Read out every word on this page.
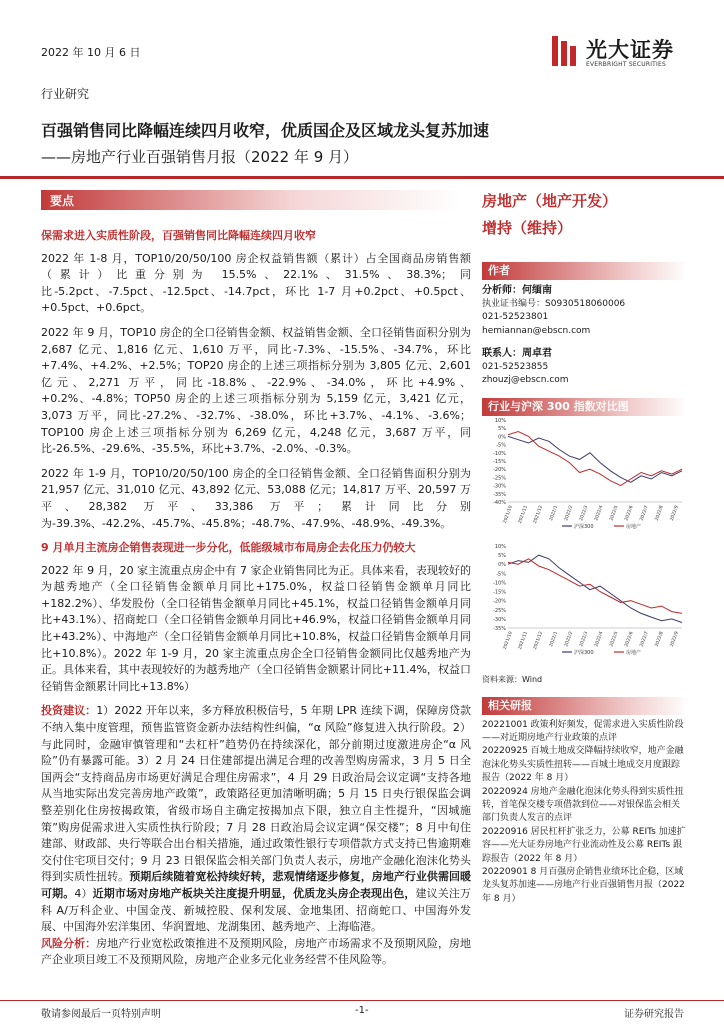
2022 年 10 月 6 日	光大证券
EVERBRIGHT SECURITIES
行业研究
百强销售同比降幅连续四月收窄，优质国企及区域龙头复苏加速
——房地产行业百强销售月报（2022 年 9 月）
要点
保需求进入实质性阶段，百强销售同比降幅连续四月收窄

2022 年 1-8 月，TOP10/20/50/100 房企权益销售额（累计）占全国商品房销售额（累计）比重分别为 15.5%、22.1%、31.5%、38.3%；同比-5.2pct、-7.5pct、-12.5pct、-14.7pct，环比 1-7 月+0.2pct、+0.5pct、+0.5pct、+0.6pct。

2022 年 9 月，TOP10 房企的全口径销售金额、权益销售金额、全口径销售面积分别为 2,687 亿元、1,816 亿元、1,610 万平，同比-7.3%、-15.5%、-34.7%，环比+7.4%、+4.2%、+2.5%；TOP20 房企的上述三项指标分别为 3,805 亿元、2,601 亿元、2,271 万平，同比-18.8%、-22.9%、-34.0%，环比+4.9%、+0.2%、-4.8%；TOP50 房企的上述三项指标分别为 5,159 亿元，3,421 亿元，3,073 万平，同比-27.2%、-32.7%、-38.0%，环比+3.7%、-4.1%、-3.6%；TOP100 房企上述三项指标分别为 6,269 亿元，4,248 亿元，3,687 万平，同比-26.5%、-29.6%、-35.5%，环比+3.7%、-2.0%、-0.3%。

2022 年 1-9 月，TOP10/20/50/100 房企的全口径销售金额、全口径销售面积分别为 21,957 亿元、31,010 亿元、43,892 亿元、53,088 亿元；14,817 万平、20,597 万平、28,382 万平、33,386 万平；累计同比分别为-39.3%、-42.2%、-45.7%、-45.8%；-48.7%、-47.9%、-48.9%、-49.3%。

9 月单月主流房企销售表现进一步分化，低能级城市布局房企去化压力仍较大

2022 年 9 月，20 家主流重点房企中有 7 家企业销售同比为正。具体来看，表现较好的为越秀地产（全口径销售金额单月同比+175.0%，权益口径销售金额单月同比+182.2%）、华发股份（全口径销售金额单月同比+45.1%，权益口径销售金额单月同比+43.1%）、招商蛇口（全口径销售金额单月同比+46.9%，权益口径销售金额单月同比+43.2%）、中海地产（全口径销售金额单月同比+10.8%，权益口径销售金额单月同比+10.8%）。2022 年 1-9 月，20 家主流重点房企全口径销售金额同比仅越秀地产为正。具体来看，其中表现较好的为越秀地产（全口径销售金额累计同比+11.4%，权益口径销售金额累计同比+13.8%）

投资建议：1）2022 开年以来，多方释放积极信号，5 年期 LPR 连续下调，保障房贷款不纳入集中度管理，预售监管资金新办法结构性纠偏，“α 风险”修复进入执行阶段。2）与此同时，金融审慎管理和“去杠杆”趋势仍在持续深化，部分前期过度激进房企“α 风险”仍有暴露可能。3）2 月 24 日住建部提出满足合理的改善型购房需求，3 月 5 日全国两会“支持商品房市场更好满足合理住房需求”，4 月 29 日政治局会议定调“支持各地从当地实际出发完善房地产政策”，政策路径更加清晰明确；5 月 15 日央行银保监会调整差别化住房按揭政策，省级市场自主确定按揭加点下限，独立自主性提升，“因城施策”购房促需求进入实质性执行阶段；7 月 28 日政治局会议定调“保交楼”；8 月中旬住建部、财政部、央行等联合出台相关措施，通过政策性银行专项借款方式支持已售逾期难交付住宅项目交付；9 月 23 日银保监会相关部门负责人表示，房地产金融化泡沫化势头得到实质性扭转。预期后续随着宽松持续好转，悲观情绪逐步修复，房地产行业供需回暖可期。4）近期市场对房地产板块关注度提升明显，优质龙头房企表现出色，建议关注万科 A/万科企业、中国金茂、新城控股、保利发展、金地集团、招商蛇口、中国海外发展、中国海外宏洋集团、华润置地、龙湖集团、越秀地产、上海临港。

风险分析：房地产行业宽松政策推进不及预期风险，房地产市场需求不及预期风险，房地产企业项目竣工不及预期风险，房地产企业多元化业务经营不佳风险等。

房地产（地产开发）
增持（维持）
作者
分析师：何缅南
执业证书编号：S0930518060006
021-52523801
hemiannan@ebscn.com
联系人：周卓君
021-52523855
zhouzj@ebscn.com
行业与沪深 300 指数对比图
10%
5%
0%
-5%
-10%
-15%
-20%
-25%
-30%
-35%
-40%
2021/10 2021/11 2021/12 2022/1 2022/2 2022/3 2022/4 2022/5 2022/6 2022/7 2022/8 2022/9
沪深300	房地产
10%
5%
0%
-5%
-10%
-15%
-20%
-25%
-30%
-35%
2021/10 2021/11 2021/12 2022/1 2022/2 2022/3 2022/4 2022/5 2022/6 2022/7 2022/8 2022/9
沪深300	房地产
资料来源：Wind
相关研报
20221001 政策利好频发，促需求进入实质性阶段——对近期房地产行业政策的点评
20220925 百城土地成交降幅持续收窄，地产金融泡沫化势头实质性扭转——百城土地成交月度跟踪报告（2022 年 8 月）
20220924 房地产金融化泡沫化势头得到实质性扭转，首笔保交楼专项借款到位——对银保监会相关部门负责人发言的点评
20220916 居民杠杆扩张乏力，公募 REITs 加速扩容——光大证券房地产行业流动性及公募 REITs 跟踪报告（2022 年 8 月）
20220901 8 月百强房企销售业绩环比企稳，区域龙头复苏加速——房地产行业百强销售月报（2022 年 8 月）
敬请参阅最后一页特别声明	-1-	证券研究报告
